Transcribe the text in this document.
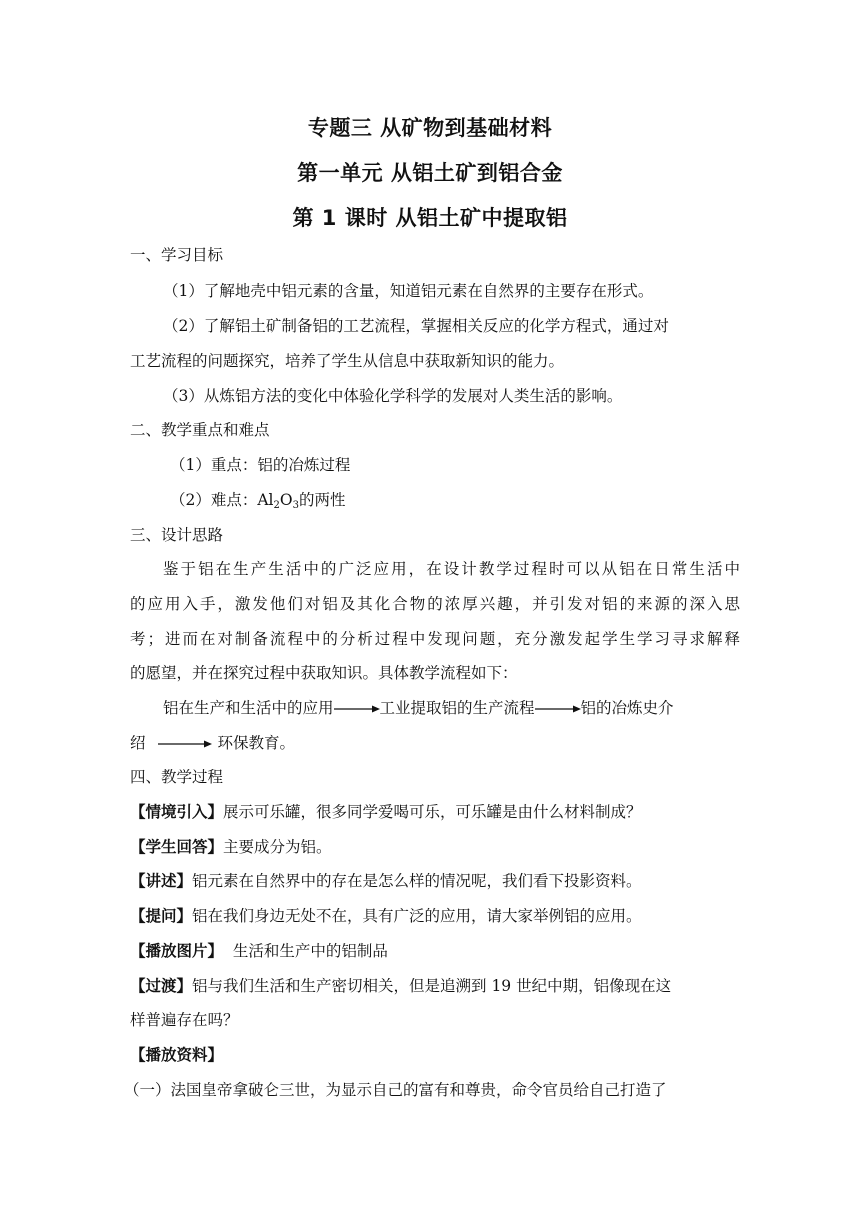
专题三 从矿物到基础材料
第一单元 从铝土矿到铝合金
第 1 课时 从铝土矿中提取铝
一、学习目标
（1）了解地壳中铝元素的含量，知道铝元素在自然界的主要存在形式。
（2）了解铝土矿制备铝的工艺流程，掌握相关反应的化学方程式，通过对
工艺流程的问题探究，培养了学生从信息中获取新知识的能力。
（3）从炼铝方法的变化中体验化学科学的发展对人类生活的影响。
二、教学重点和难点
（1）重点：铝的冶炼过程
（2）难点：$Al_2O_3$的两性
三、设计思路
鉴于铝在生产生活中的广泛应用，在设计教学过程时可以从铝在日常生活中
的应用入手，激发他们对铝及其化合物的浓厚兴趣，并引发对铝的来源的深入思
考；进而在对制备流程中的分析过程中发现问题，充分激发起学生学习寻求解释
的愿望，并在探究过程中获取知识。具体教学流程如下：
铝在生产和生活中的应用	工业提取铝的生产流程	铝的冶炼史介
绍	环保教育。
四、教学过程
【情境引入】展示可乐罐，很多同学爱喝可乐，可乐罐是由什么材料制成？
【学生回答】主要成分为铝。
【讲述】铝元素在自然界中的存在是怎么样的情况呢，我们看下投影资料。
【提问】铝在我们身边无处不在，具有广泛的应用，请大家举例铝的应用。
【播放图片】  生活和生产中的铝制品
【过渡】铝与我们生活和生产密切相关，但是追溯到 19 世纪中期，铝像现在这
样普遍存在吗？
【播放资料】
（一）法国皇帝拿破仑三世，为显示自己的富有和尊贵，命令官员给自己打造了
